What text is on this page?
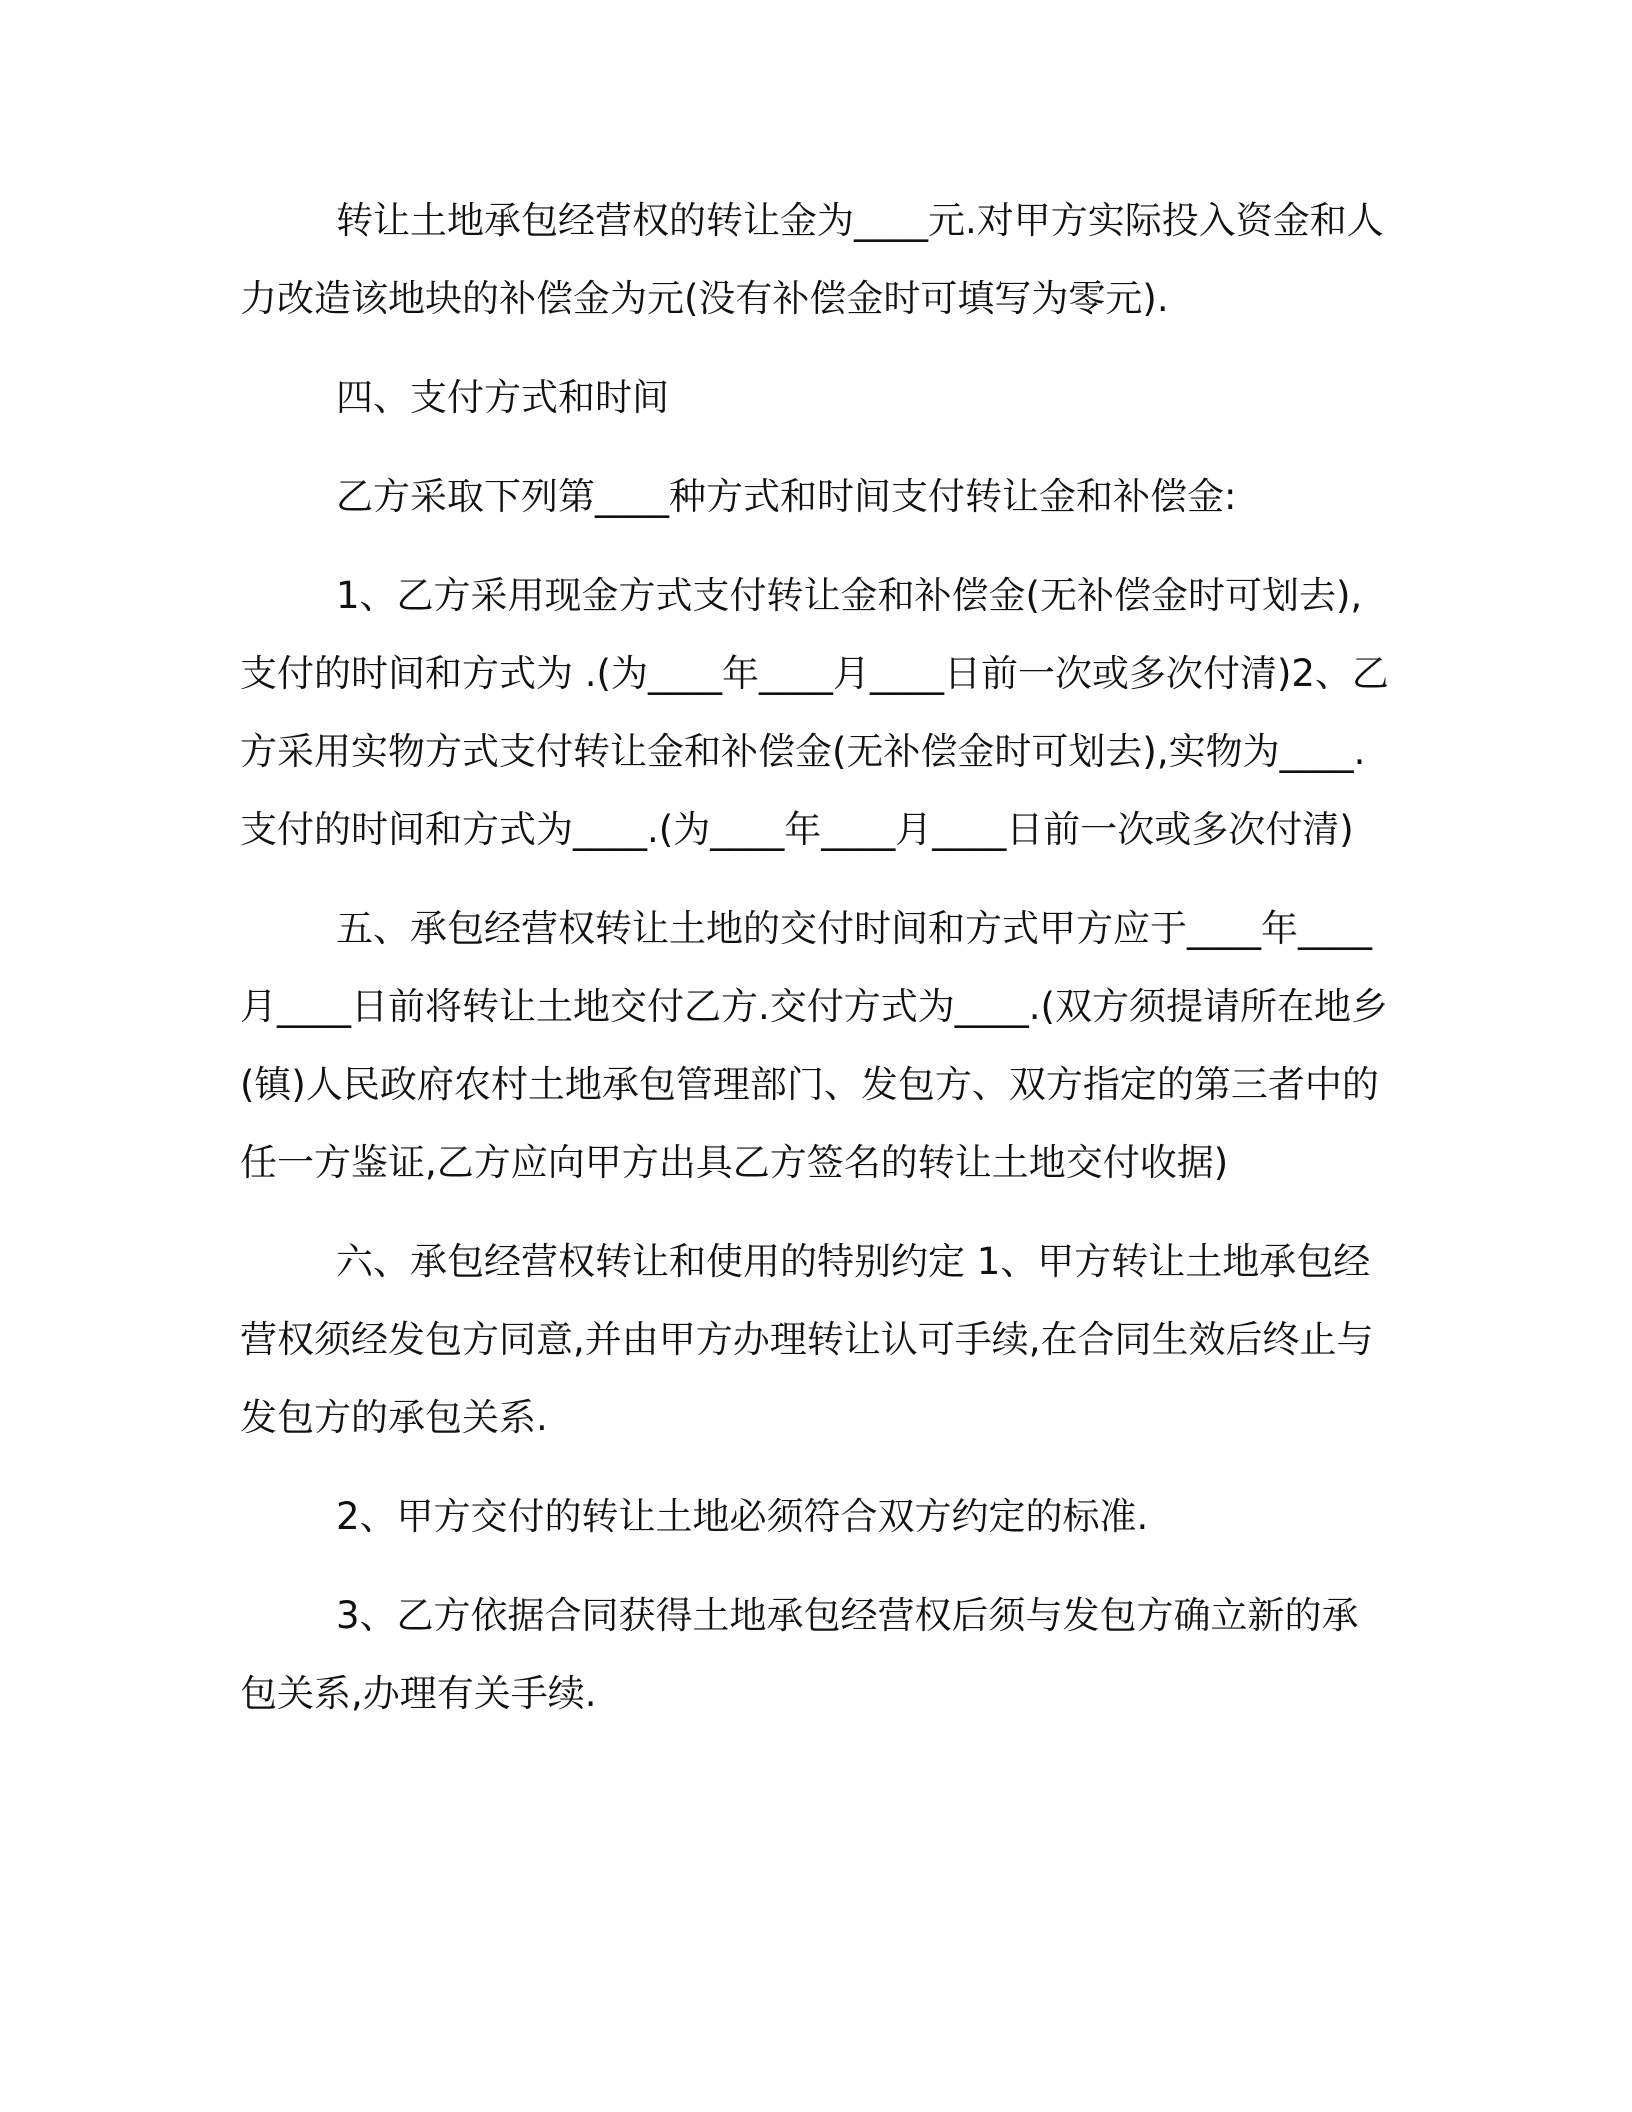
转让土地承包经营权的转让金为____元.对甲方实际投入资金和人力改造该地块的补偿金为元(没有补偿金时可填写为零元).

四、支付方式和时间

乙方采取下列第____种方式和时间支付转让金和补偿金:

1、乙方采用现金方式支付转让金和补偿金(无补偿金时可划去),支付的时间和方式为 .(为____年____月____日前一次或多次付清)2、乙方采用实物方式支付转让金和补偿金(无补偿金时可划去),实物为____.支付的时间和方式为____.(为____年____月____日前一次或多次付清)

五、承包经营权转让土地的交付时间和方式甲方应于____年____月____日前将转让土地交付乙方.交付方式为____.(双方须提请所在地乡(镇)人民政府农村土地承包管理部门、发包方、双方指定的第三者中的任一方鉴证,乙方应向甲方出具乙方签名的转让土地交付收据)

六、承包经营权转让和使用的特别约定 1、甲方转让土地承包经营权须经发包方同意,并由甲方办理转让认可手续,在合同生效后终止与发包方的承包关系.

2、甲方交付的转让土地必须符合双方约定的标准.

3、乙方依据合同获得土地承包经营权后须与发包方确立新的承包关系,办理有关手续.
